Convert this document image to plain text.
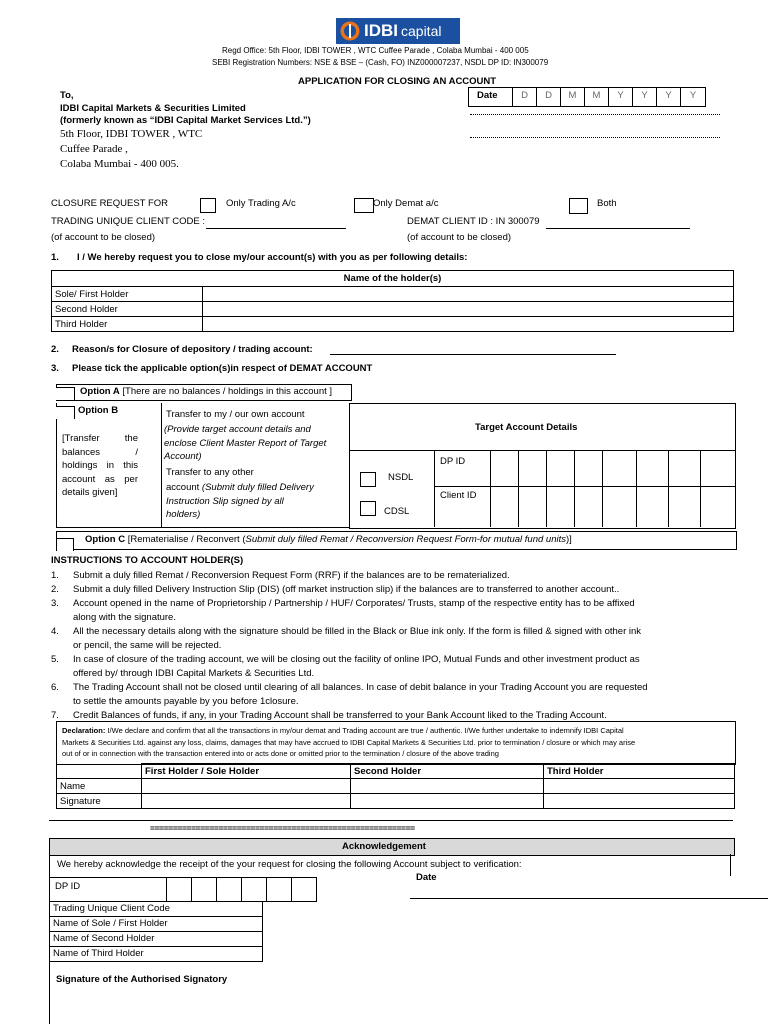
IDBI capital
Regd Office: 5th Floor, IDBI TOWER , WTC Cuffee Parade , Colaba Mumbai - 400 005
SEBI Registration Numbers: NSE & BSE – (Cash, FO) INZ000007237, NSDL DP ID: IN300079
APPLICATION FOR CLOSING AN ACCOUNT
To,
IDBI Capital Markets & Securities Limited
(formerly known as “IDBI Capital Market Services Ltd.”)
5th Floor, IDBI TOWER , WTC
Cuffee Parade ,
Colaba Mumbai - 400 005.
Date	D	D	M	M	Y	Y	Y	Y
CLOSURE REQUEST FOR	Only Trading A/c	Only Demat a/c	Both
TRADING UNIQUE CLIENT CODE :
(of account to be closed)
DEMAT CLIENT ID : IN 300079
(of account to be closed)
1. I / We hereby request you to close my/our account(s) with you as per following details:
Name of the holder(s)	
Sole/ First Holder	
Second Holder	
Third Holder	
2. Reason/s for Closure of depository / trading account:
3. Please tick the applicable option(s)in respect of DEMAT ACCOUNT
Option A [There are no balances / holdings in this account ]
Option B
[Transfer the balances / holdings in this account as per details given]
Transfer to my / our own account
(Provide target account details and enclose Client Master Report of Target Account)
Transfer to any other
account (Submit duly filled Delivery Instruction Slip signed by all holders)
Target Account Details
NSDL
CDSL
DP ID
Client ID
Option C [Rematerialise / Reconvert (Submit duly filled Remat / Reconversion Request Form-for mutual fund units)]
INSTRUCTIONS TO ACCOUNT HOLDER(S)
1.	Submit a duly filled Remat / Reconversion Request Form (RRF) if the balances are to be rematerialized.
2.	Submit a duly filled Delivery Instruction Slip (DIS) (off market instruction slip) if the balances are to transferred to another account..
3.	Account opened in the name of Proprietorship / Partnership / HUF/ Corporates/ Trusts, stamp of the respective entity has to be affixed
along with the signature.
4.	All the necessary details along with the signature should be filled in the Black or Blue ink only. If the form is filled & signed with other ink
or pencil, the same will be rejected.
5.	In case of closure of the trading account, we will be closing out the facility of online IPO, Mutual Funds and other investment product as
offered by/ through IDBI Capital Markets & Securities Ltd.
6.	The Trading Account shall not be closed until clearing of all balances. In case of debit balance in your Trading Account you are requested
to settle the amounts payable by you before 1closure.
7.	Credit Balances of funds, if any, in your Trading Account shall be transferred to your Bank Account liked to the Trading Account.
Declaration: I/We declare and confirm that all the transactions in my/our demat and Trading account are true / authentic. I/We further undertake to indemnify IDBI Capital
Markets & Securities Ltd. against any loss, claims, damages that may have accrued to IDBI Capital Markets & Securities Ltd. prior to termination / closure or which may arise
out of or in connection with the transaction entered into or acts done or omitted prior to the termination / closure of the above trading
	First Holder / Sole Holder	Second Holder	Third Holder
Name			
Signature			
==========================================================
Acknowledgement
We hereby acknowledge the receipt of the your request for closing the following Account subject to verification:
Date
DP ID
Trading Unique Client Code
Name of Sole / First Holder
Name of Second Holder
Name of Third Holder
Signature of the Authorised Signatory
